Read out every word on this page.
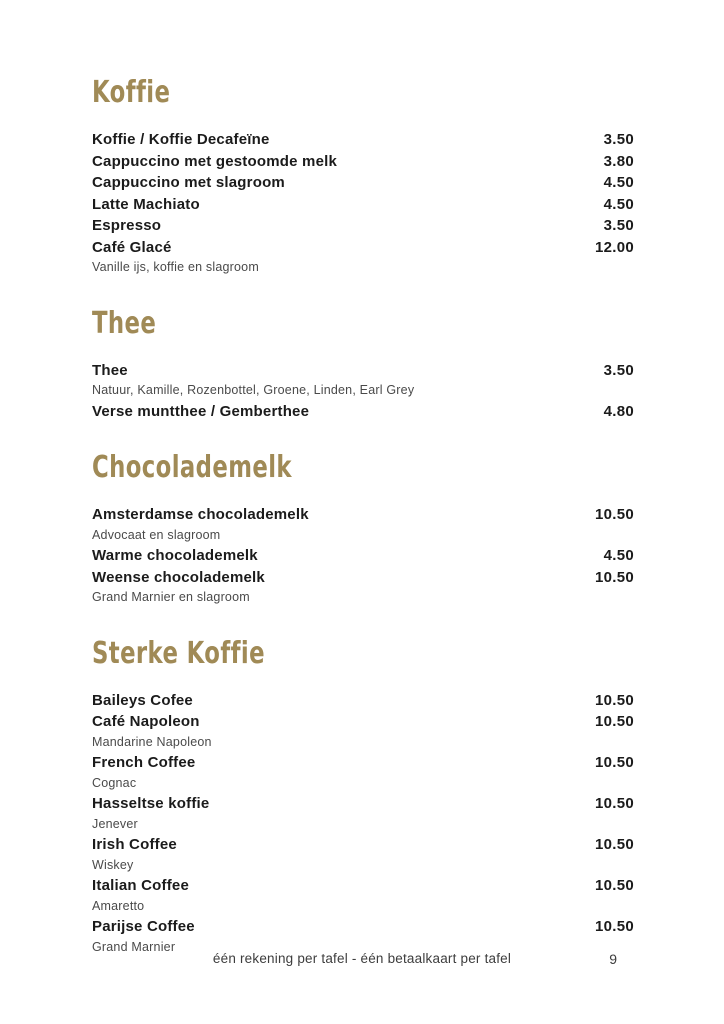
Koffie
Koffie / Koffie Decafeïne	3.50
Cappuccino met gestoomde melk	3.80
Cappuccino met slagroom	4.50
Latte Machiato	4.50
Espresso	3.50
Café Glacé	12.00
Vanille ijs, koffie en slagroom
Thee
Thee	3.50
Natuur, Kamille, Rozenbottel, Groene, Linden, Earl Grey
Verse muntthee / Gemberthee	4.80
Chocolademelk
Amsterdamse chocolademelk	10.50
Advocaat en slagroom
Warme chocolademelk	4.50
Weense chocolademelk	10.50
Grand Marnier en slagroom
Sterke Koffie
Baileys Cofee	10.50
Café Napoleon	10.50
Mandarine Napoleon
French Coffee	10.50
Cognac
Hasseltse koffie	10.50
Jenever
Irish Coffee	10.50
Wiskey
Italian Coffee	10.50
Amaretto
Parijse Coffee	10.50
Grand Marnier
één rekening per tafel - één betaalkaart per tafel	9
